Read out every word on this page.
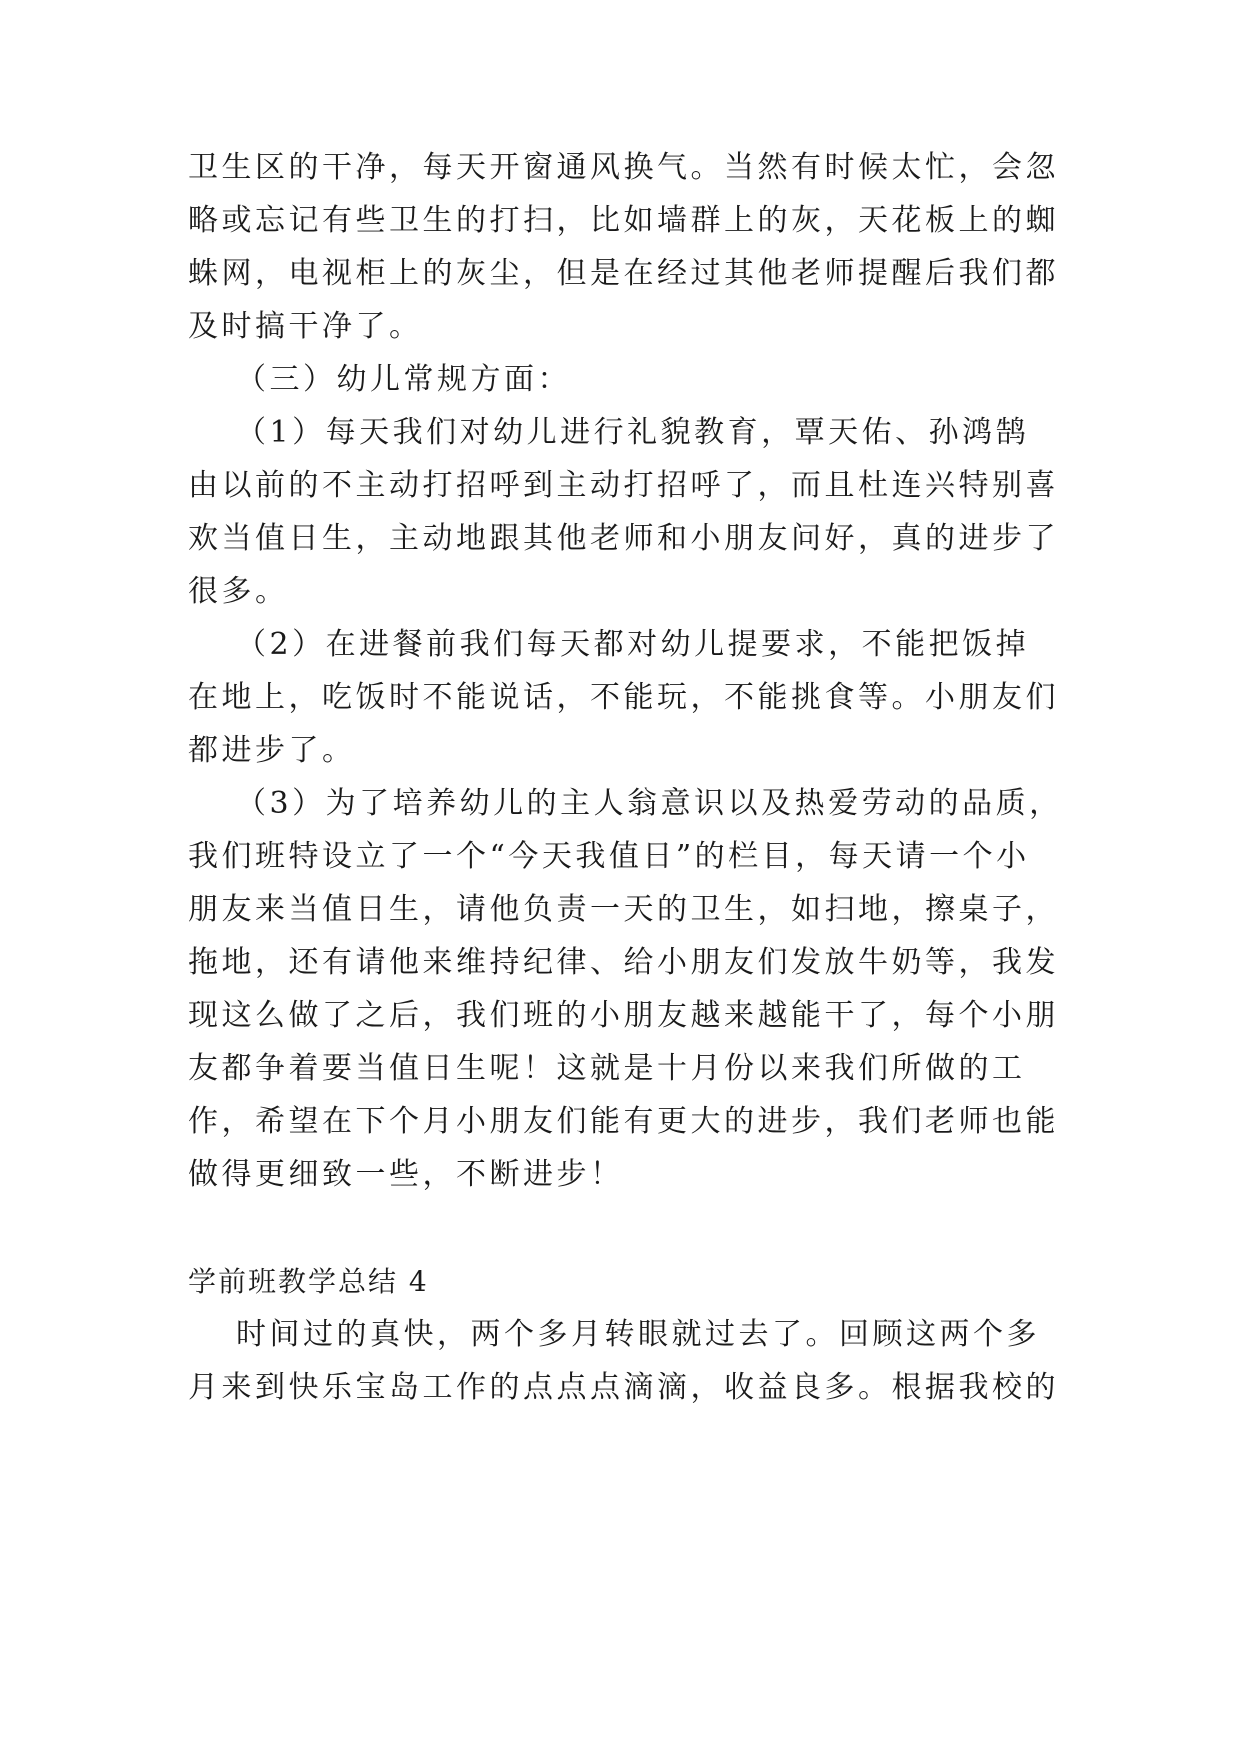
卫生区的干净，每天开窗通风换气。当然有时候太忙，会忽
略或忘记有些卫生的打扫，比如墙群上的灰，天花板上的蜘
蛛网，电视柜上的灰尘，但是在经过其他老师提醒后我们都
及时搞干净了。
（三）幼儿常规方面：
（1）每天我们对幼儿进行礼貌教育，覃天佑、孙鸿鹄
由以前的不主动打招呼到主动打招呼了，而且杜连兴特别喜
欢当值日生，主动地跟其他老师和小朋友问好，真的进步了
很多。
（2）在进餐前我们每天都对幼儿提要求，不能把饭掉
在地上，吃饭时不能说话，不能玩，不能挑食等。小朋友们
都进步了。
（3）为了培养幼儿的主人翁意识以及热爱劳动的品质，
我们班特设立了一个“今天我值日”的栏目，每天请一个小
朋友来当值日生，请他负责一天的卫生，如扫地，擦桌子，
拖地，还有请他来维持纪律、给小朋友们发放牛奶等，我发
现这么做了之后，我们班的小朋友越来越能干了，每个小朋
友都争着要当值日生呢！这就是十月份以来我们所做的工
作，希望在下个月小朋友们能有更大的进步，我们老师也能
做得更细致一些，不断进步！
学前班教学总结 4
时间过的真快，两个多月转眼就过去了。回顾这两个多
月来到快乐宝岛工作的点点点滴滴，收益良多。根据我校的
